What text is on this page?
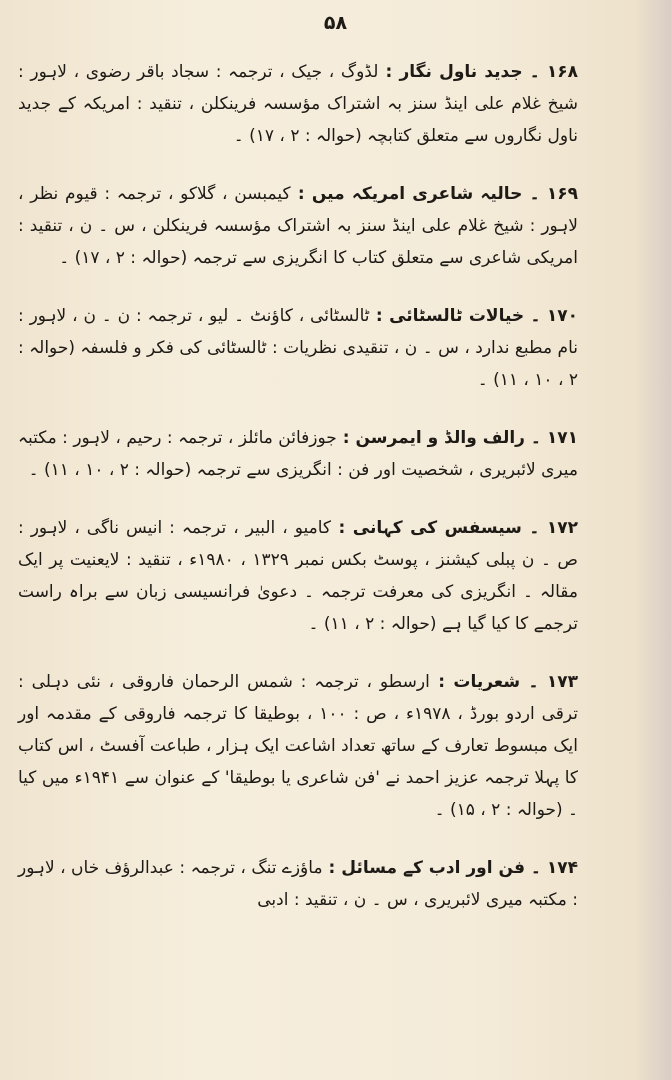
۵۸

۱۶۸ ۔ جدید ناول نگار : لڈوگ ، جیک ، ترجمہ : سجاد باقر رضوی ، لاہور : شیخ غلام علی اینڈ سنز بہ اشتراک مؤسسہ فرینکلن ، تنقید : امریکہ کے جدید ناول نگاروں سے متعلق کتابچہ (حوالہ : ۲ ، ۱۷) ۔

۱۶۹ ۔ حالیہ شاعری امریکہ میں : کیمبسن ، گلاکو ، ترجمہ : قیوم نظر ، لاہور : شیخ غلام علی اینڈ سنز بہ اشتراک مؤسسہ فرینکلن ، س ۔ ن ، تنقید : امریکی شاعری سے متعلق کتاب کا انگریزی سے ترجمہ (حوالہ : ۲ ، ۱۷) ۔

۱۷۰ ۔ خیالات ٹالسٹائی : ٹالسٹائی ، کاؤنٹ ۔ لیو ، ترجمہ : ن ۔ ن ، لاہور : نام مطبع ندارد ، س ۔ ن ، تنقیدی نظریات : ٹالسٹائی کی فکر و فلسفہ (حوالہ : ۲ ، ۱۰ ، ۱۱) ۔

۱۷۱ ۔ رالف والڈ و ایمرسن : جوزفائن مائلز ، ترجمہ : رحیم ، لاہور : مکتبہ میری لائبریری ، شخصیت اور فن : انگریزی سے ترجمہ (حوالہ : ۲ ، ۱۰ ، ۱۱) ۔

۱۷۲ ۔ سیسفس کی کہانی : کامیو ، البیر ، ترجمہ : انیس ناگی ، لاہور : ص ۔ ن پبلی کیشنز ، پوسٹ بکس نمبر ۱۳۲۹ ، ۱۹۸۰ء ، تنقید : لایعنیت پر ایک مقالہ ۔ انگریزی کی معرفت ترجمہ ۔ دعویٰ فرانسیسی زبان سے براہ راست ترجمے کا کیا گیا ہے (حوالہ : ۲ ، ۱۱) ۔

۱۷۳ ۔ شعریات : ارسطو ، ترجمہ : شمس الرحمان فاروقی ، نئی دہلی : ترقی اردو بورڈ ، ۱۹۷۸ء ، ص : ۱۰۰ ، بوطیقا کا ترجمہ فاروقی کے مقدمہ اور ایک مبسوط تعارف کے ساتھ تعداد اشاعت ایک ہزار ، طباعت آفسٹ ، اس کتاب کا پہلا ترجمہ عزیز احمد نے 'فن شاعری یا بوطیقا' کے عنوان سے ۱۹۴۱ء میں کیا ۔ (حوالہ : ۲ ، ۱۵) ۔

۱۷۴ ۔ فن اور ادب کے مسائل : ماؤزے تنگ ، ترجمہ : عبدالرؤف خاں ، لاہور : مکتبہ میری لائبریری ، س ۔ ن ، تنقید : ادبی
